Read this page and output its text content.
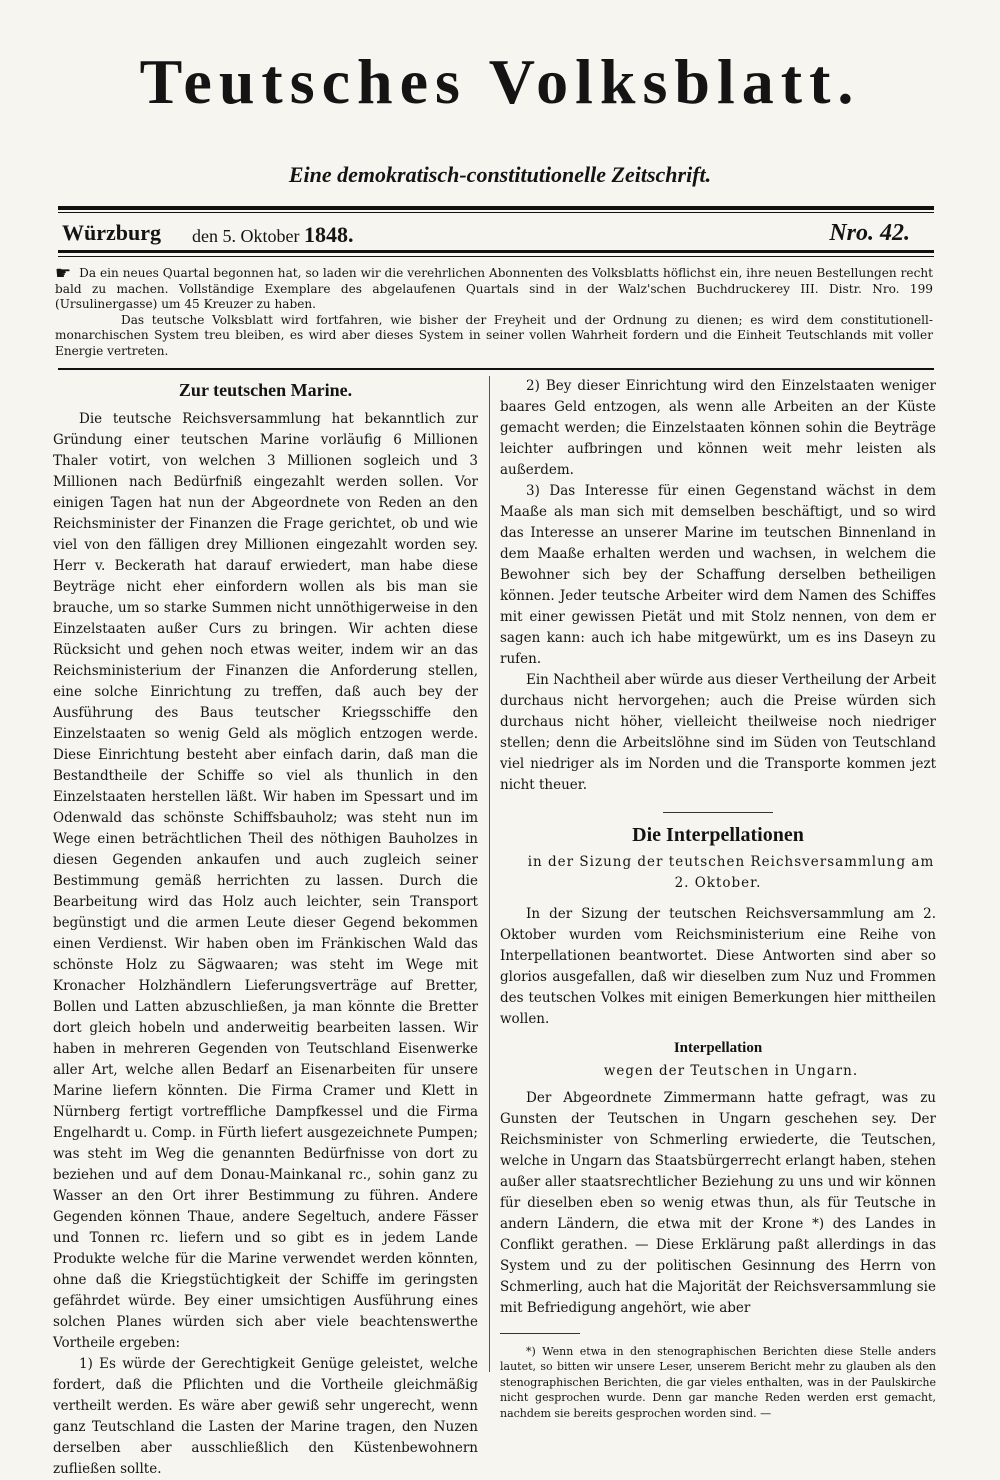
Teutsches Volksblatt.
Eine demokratisch-constitutionelle Zeitschrift.
Würzburg den 5. Oktober 1848.	Nro. 42.

☛ Da ein neues Quartal begonnen hat, so laden wir die verehrlichen Abonnenten des Volksblatts höflichst ein, ihre neuen Bestellungen recht bald zu machen. Vollständige Exemplare des abgelaufenen Quartals sind in der Walz'schen Buchdruckerey III. Distr. Nro. 199 (Ursulinergasse) um 45 Kreuzer zu haben.

Das teutsche Volksblatt wird fortfahren, wie bisher der Freyheit und der Ordnung zu dienen; es wird dem constitutionell-monarchischen System treu bleiben, es wird aber dieses System in seiner vollen Wahrheit fordern und die Einheit Teutschlands mit voller Energie vertreten.

Zur teutschen Marine.

Die teutsche Reichsversammlung hat bekanntlich zur Gründung einer teutschen Marine vorläufig 6 Millionen Thaler votirt, von welchen 3 Millionen sogleich und 3 Millionen nach Bedürfniß eingezahlt werden sollen. Vor einigen Tagen hat nun der Abgeordnete von Reden an den Reichsminister der Finanzen die Frage gerichtet, ob und wie viel von den fälligen drey Millionen eingezahlt worden sey. Herr v. Beckerath hat darauf erwiedert, man habe diese Beyträge nicht eher einfordern wollen als bis man sie brauche, um so starke Summen nicht unnöthigerweise in den Einzelstaaten außer Curs zu bringen. Wir achten diese Rücksicht und gehen noch etwas weiter, indem wir an das Reichsministerium der Finanzen die Anforderung stellen, eine solche Einrichtung zu treffen, daß auch bey der Ausführung des Baus teutscher Kriegsschiffe den Einzelstaaten so wenig Geld als möglich entzogen werde. Diese Einrichtung besteht aber einfach darin, daß man die Bestandtheile der Schiffe so viel als thunlich in den Einzelstaaten herstellen läßt. Wir haben im Spessart und im Odenwald das schönste Schiffsbauholz; was steht nun im Wege einen beträchtlichen Theil des nöthigen Bauholzes in diesen Gegenden ankaufen und auch zugleich seiner Bestimmung gemäß herrichten zu lassen. Durch die Bearbeitung wird das Holz auch leichter, sein Transport begünstigt und die armen Leute dieser Gegend bekommen einen Verdienst. Wir haben oben im Fränkischen Wald das schönste Holz zu Sägwaaren; was steht im Wege mit Kronacher Holzhändlern Lieferungsverträge auf Bretter, Bollen und Latten abzuschließen, ja man könnte die Bretter dort gleich hobeln und anderweitig bearbeiten lassen. Wir haben in mehreren Gegenden von Teutschland Eisenwerke aller Art, welche allen Bedarf an Eisenarbeiten für unsere Marine liefern könnten. Die Firma Cramer und Klett in Nürnberg fertigt vortreffliche Dampfkessel und die Firma Engelhardt u. Comp. in Fürth liefert ausgezeichnete Pumpen; was steht im Weg die genannten Bedürfnisse von dort zu beziehen und auf dem Donau-Mainkanal rc., sohin ganz zu Wasser an den Ort ihrer Bestimmung zu führen. Andere Gegenden können Thaue, andere Segeltuch, andere Fässer und Tonnen rc. liefern und so gibt es in jedem Lande Produkte welche für die Marine verwendet werden könnten, ohne daß die Kriegstüchtigkeit der Schiffe im geringsten gefährdet würde. Bey einer umsichtigen Ausführung eines solchen Planes würden sich aber viele beachtenswerthe Vortheile ergeben:

1) Es würde der Gerechtigkeit Genüge geleistet, welche fordert, daß die Pflichten und die Vortheile gleichmäßig vertheilt werden. Es wäre aber gewiß sehr ungerecht, wenn ganz Teutschland die Lasten der Marine tragen, den Nuzen derselben aber ausschließlich den Küstenbewohnern zufließen sollte.

2) Bey dieser Einrichtung wird den Einzelstaaten weniger baares Geld entzogen, als wenn alle Arbeiten an der Küste gemacht werden; die Einzelstaaten können sohin die Beyträge leichter aufbringen und können weit mehr leisten als außerdem.

3) Das Interesse für einen Gegenstand wächst in dem Maaße als man sich mit demselben beschäftigt, und so wird das Interesse an unserer Marine im teutschen Binnenland in dem Maaße erhalten werden und wachsen, in welchem die Bewohner sich bey der Schaffung derselben betheiligen können. Jeder teutsche Arbeiter wird dem Namen des Schiffes mit einer gewissen Pietät und mit Stolz nennen, von dem er sagen kann: auch ich habe mitgewürkt, um es ins Daseyn zu rufen.

Ein Nachtheil aber würde aus dieser Vertheilung der Arbeit durchaus nicht hervorgehen; auch die Preise würden sich durchaus nicht höher, vielleicht theilweise noch niedriger stellen; denn die Arbeitslöhne sind im Süden von Teutschland viel niedriger als im Norden und die Transporte kommen jezt nicht theuer.

Die Interpellationen

in der Sizung der teutschen Reichsversammlung am 2. Oktober.

In der Sizung der teutschen Reichsversammlung am 2. Oktober wurden vom Reichsministerium eine Reihe von Interpellationen beantwortet. Diese Antworten sind aber so glorios ausgefallen, daß wir dieselben zum Nuz und Frommen des teutschen Volkes mit einigen Bemerkungen hier mittheilen wollen.

Interpellation

wegen der Teutschen in Ungarn.

Der Abgeordnete Zimmermann hatte gefragt, was zu Gunsten der Teutschen in Ungarn geschehen sey. Der Reichsminister von Schmerling erwiederte, die Teutschen, welche in Ungarn das Staatsbürgerrecht erlangt haben, stehen außer aller staatsrechtlicher Beziehung zu uns und wir können für dieselben eben so wenig etwas thun, als für Teutsche in andern Ländern, die etwa mit der Krone *) des Landes in Conflikt gerathen. — Diese Erklärung paßt allerdings in das System und zu der politischen Gesinnung des Herrn von Schmerling, auch hat die Majorität der Reichsversammlung sie mit Befriedigung angehört, wie aber

*) Wenn etwa in den stenographischen Berichten diese Stelle anders lautet, so bitten wir unsere Leser, unserem Bericht mehr zu glauben als den stenographischen Berichten, die gar vieles enthalten, was in der Paulskirche nicht gesprochen wurde. Denn gar manche Reden werden erst gemacht, nachdem sie bereits gesprochen worden sind. —
